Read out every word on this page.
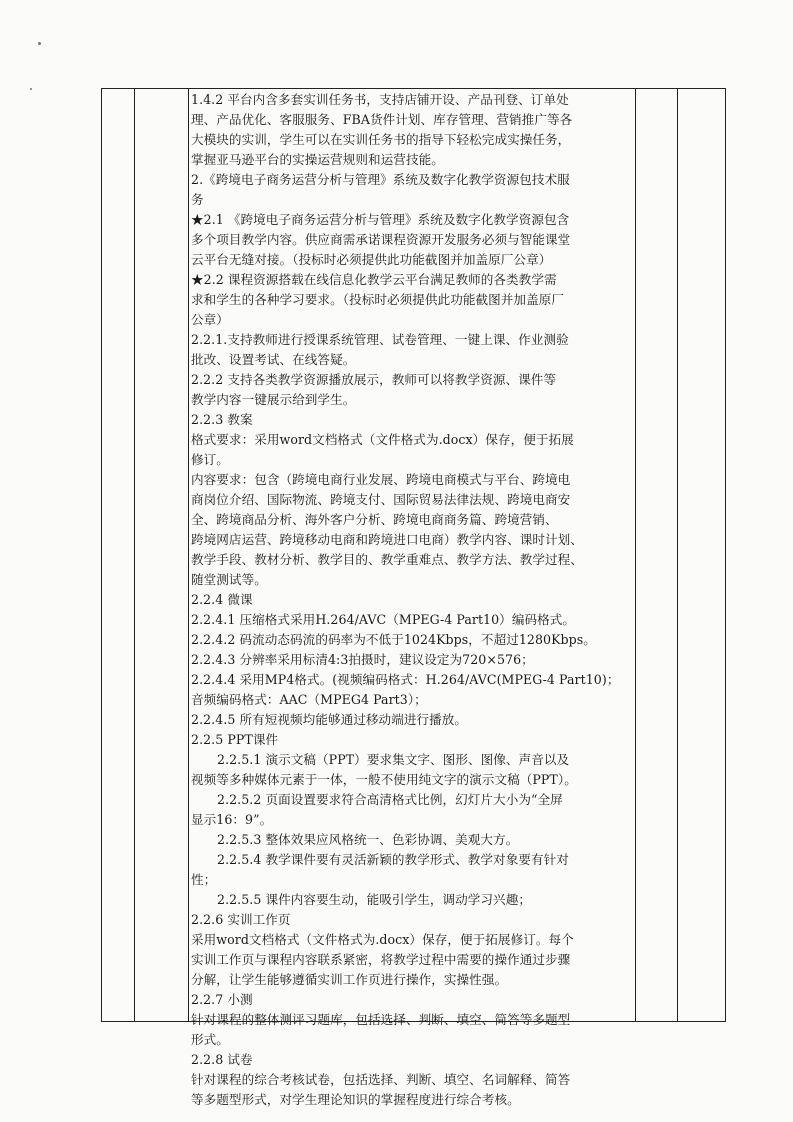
1.4.2 平台内含多套实训任务书，支持店铺开设、产品刊登、订单处
理、产品优化、客服服务、FBA货件计划、库存管理、营销推广等各
大模块的实训，学生可以在实训任务书的指导下轻松完成实操任务，
掌握亚马逊平台的实操运营规则和运营技能。
2.《跨境电子商务运营分析与管理》系统及数字化教学资源包技术服
务
★2.1 《跨境电子商务运营分析与管理》系统及数字化教学资源包含
多个项目教学内容。供应商需承诺课程资源开发服务必须与智能课堂
云平台无缝对接。（投标时必须提供此功能截图并加盖原厂公章）
★2.2 课程资源搭载在线信息化教学云平台满足教师的各类教学需
求和学生的各种学习要求。（投标时必须提供此功能截图并加盖原厂
公章）
2.2.1.支持教师进行授课系统管理、试卷管理、一键上课、作业测验
批改、设置考试、在线答疑。
2.2.2 支持各类教学资源播放展示，教师可以将教学资源、课件等
教学内容一键展示给到学生。
2.2.3 教案
格式要求：采用word文档格式（文件格式为.docx）保存，便于拓展
修订。
内容要求：包含（跨境电商行业发展、跨境电商模式与平台、跨境电
商岗位介绍、国际物流、跨境支付、国际贸易法律法规、跨境电商安
全、跨境商品分析、海外客户分析、跨境电商商务篇、跨境营销、
跨境网店运营、跨境移动电商和跨境进口电商）教学内容、课时计划、
教学手段、教材分析、教学目的、教学重难点、教学方法、教学过程、
随堂测试等。
2.2.4 微课
2.2.4.1 压缩格式采用H.264/AVC（MPEG-4 Part10）编码格式。
2.2.4.2 码流动态码流的码率为不低于1024Kbps，不超过1280Kbps。
2.2.4.3 分辨率采用标清4:3拍摄时，建议设定为720×576；
2.2.4.4 采用MP4格式。(视频编码格式：H.264/AVC(MPEG-4 Part10)；
音频编码格式：AAC（MPEG4 Part3）；
2.2.4.5 所有短视频均能够通过移动端进行播放。
2.2.5 PPT课件
2.2.5.1 演示文稿（PPT）要求集文字、图形、图像、声音以及
视频等多种媒体元素于一体，一般不使用纯文字的演示文稿（PPT）。
2.2.5.2 页面设置要求符合高清格式比例，幻灯片大小为“全屏
显示16：9”。
2.2.5.3 整体效果应风格统一、色彩协调、美观大方。
2.2.5.4 教学课件要有灵活新颖的教学形式、教学对象要有针对
性；
2.2.5.5 课件内容要生动，能吸引学生，调动学习兴趣；
2.2.6 实训工作页
采用word文档格式（文件格式为.docx）保存，便于拓展修订。每个
实训工作页与课程内容联系紧密，将教学过程中需要的操作通过步骤
分解，让学生能够遵循实训工作页进行操作，实操性强。
2.2.7 小测
针对课程的整体测评习题库，包括选择、判断、填空、简答等多题型
形式。
2.2.8 试卷
针对课程的综合考核试卷，包括选择、判断、填空、名词解释、简答
等多题型形式，对学生理论知识的掌握程度进行综合考核。
